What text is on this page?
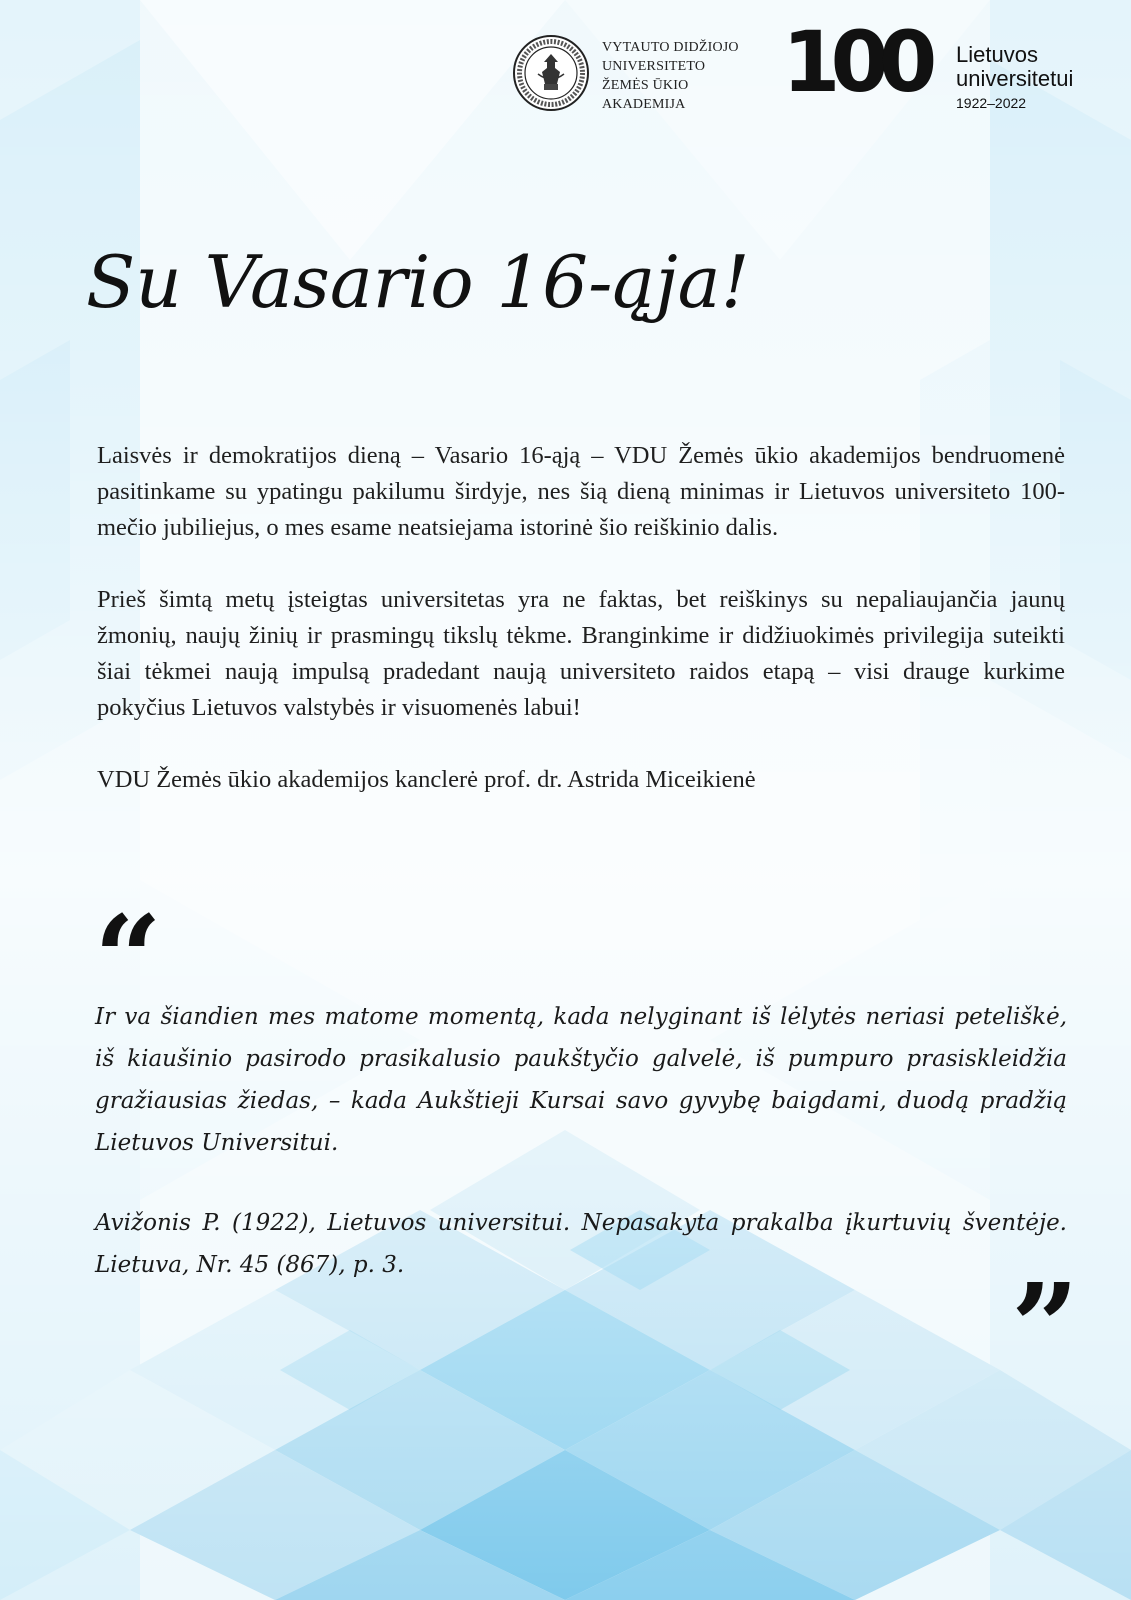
VYTAUTO DIDŽIOJO
UNIVERSITETO
ŽEMĖS ŪKIO
AKADEMIJA	100 Lietuvos
universitetui
1922–2022
Su Vasario 16-ąja!

Laisvės ir demokratijos dieną – Vasario 16-ąją – VDU Žemės ūkio akademijos bendruomenė pasitinkame su ypatingu pakilumu širdyje, nes šią dieną minimas ir Lietuvos universiteto 100-mečio jubiliejus, o mes esame neatsiejama istorinė šio reiškinio dalis.

Prieš šimtą metų įsteigtas universitetas yra ne faktas, bet reiškinys su nepaliaujančia jaunų žmonių, naujų žinių ir prasmingų tikslų tėkme. Branginkime ir didžiuokimės privilegija suteikti šiai tėkmei naują impulsą pradedant naują universiteto raidos etapą – visi drauge kurkime pokyčius Lietuvos valstybės ir visuomenės labui!

VDU Žemės ūkio akademijos kanclerė prof. dr. Astrida Miceikienė

“

Ir va šiandien mes matome momentą, kada nelyginant iš lėlytės neriasi peteliškė, iš kiaušinio pasirodo prasikalusio paukštyčio galvelė, iš pumpuro prasiskleidžia gražiausias žiedas, – kada Aukštieji Kursai savo gyvybę baigdami, duodą pradžią Lietuvos Universitui.

Avižonis P. (1922), Lietuvos universitui. Nepasakyta prakalba įkurtuvių šventėje. Lietuva, Nr. 45 (867), p. 3.	”
